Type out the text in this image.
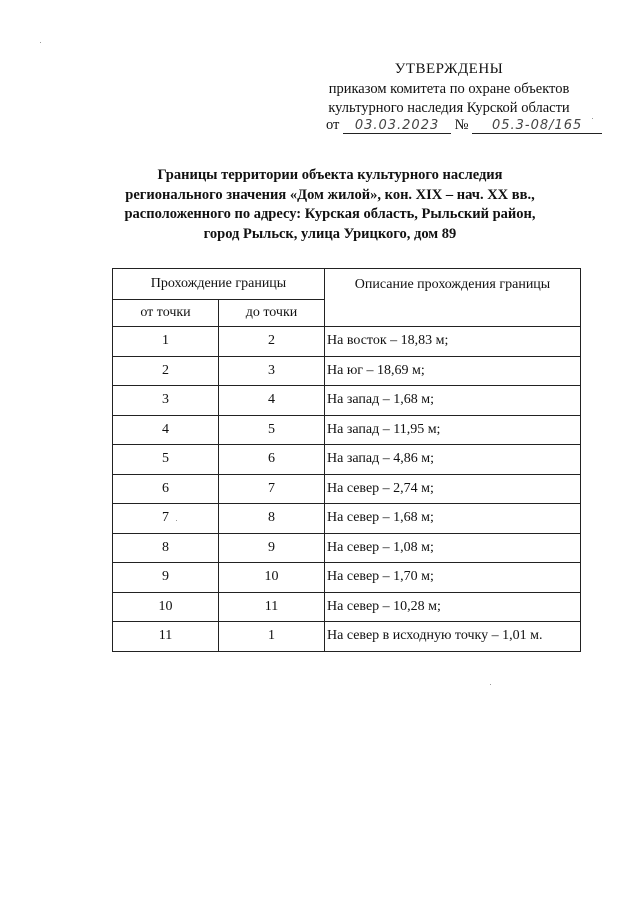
УТВЕРЖДЕНЫ
приказом комитета по охране объектов
культурного наследия Курской области
от 03.03.2023 № 05.3-08/165
Границы территории объекта культурного наследия
регионального значения «Дом жилой», кон. XIX – нач. XX вв.,
расположенного по адресу: Курская область, Рыльский район,
город Рыльск, улица Урицкого, дом 89
Прохождение границы		Описание прохождения границы
от точки	до точки	
1	2	На восток – 18,83 м;
2	3	На юг – 18,69 м;
3	4	На запад – 1,68 м;
4	5	На запад – 11,95 м;
5	6	На запад – 4,86 м;
6	7	На север – 2,74 м;
7	8	На север – 1,68 м;
8	9	На север – 1,08 м;
9	10	На север – 1,70 м;
10	11	На север – 10,28 м;
11	1	На север в исходную точку – 1,01 м.
